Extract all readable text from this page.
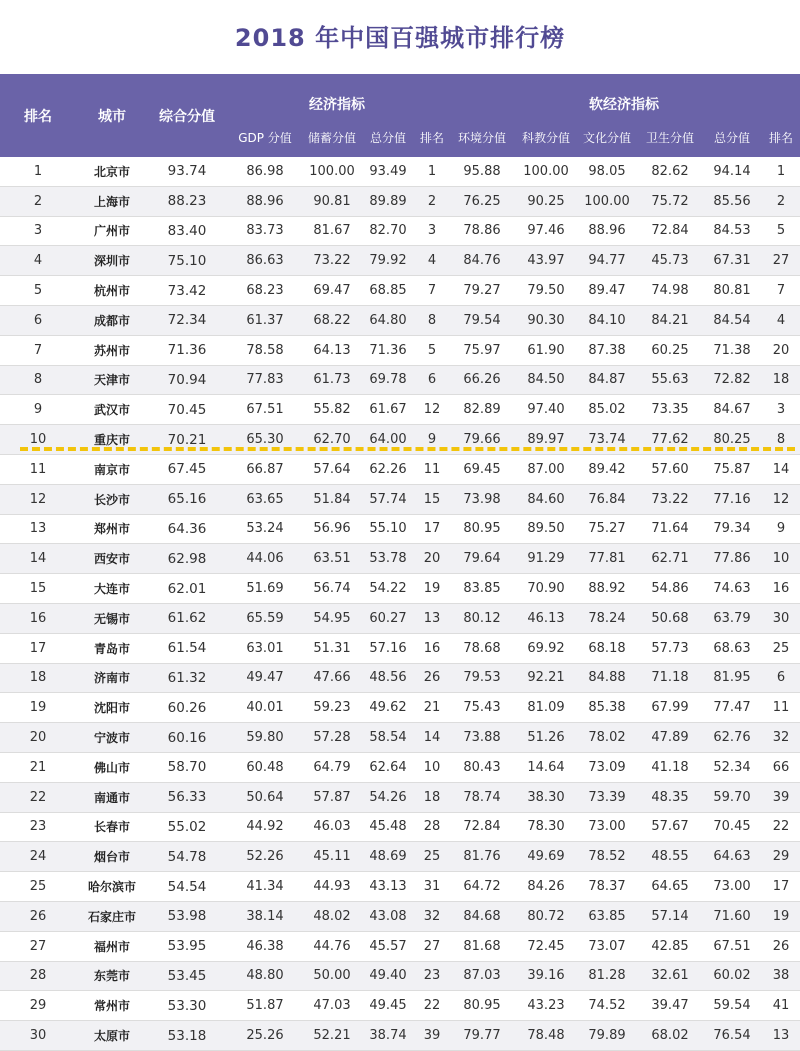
2018 年中国百强城市排行榜
排名	城市	综合分值	经济指标				软经济指标					
			GDP 分值	储蓄分值	总分值	排名	环境分值	科教分值	文化分值	卫生分值	总分值	排名
1	北京市	93.74	86.98	100.00	93.49	1	95.88	100.00	98.05	82.62	94.14	1
2	上海市	88.23	88.96	90.81	89.89	2	76.25	90.25	100.00	75.72	85.56	2
3	广州市	83.40	83.73	81.67	82.70	3	78.86	97.46	88.96	72.84	84.53	5
4	深圳市	75.10	86.63	73.22	79.92	4	84.76	43.97	94.77	45.73	67.31	27
5	杭州市	73.42	68.23	69.47	68.85	7	79.27	79.50	89.47	74.98	80.81	7
6	成都市	72.34	61.37	68.22	64.80	8	79.54	90.30	84.10	84.21	84.54	4
7	苏州市	71.36	78.58	64.13	71.36	5	75.97	61.90	87.38	60.25	71.38	20
8	天津市	70.94	77.83	61.73	69.78	6	66.26	84.50	84.87	55.63	72.82	18
9	武汉市	70.45	67.51	55.82	61.67	12	82.89	97.40	85.02	73.35	84.67	3
10	重庆市	70.21	65.30	62.70	64.00	9	79.66	89.97	73.74	77.62	80.25	8
11	南京市	67.45	66.87	57.64	62.26	11	69.45	87.00	89.42	57.60	75.87	14
12	长沙市	65.16	63.65	51.84	57.74	15	73.98	84.60	76.84	73.22	77.16	12
13	郑州市	64.36	53.24	56.96	55.10	17	80.95	89.50	75.27	71.64	79.34	9
14	西安市	62.98	44.06	63.51	53.78	20	79.64	91.29	77.81	62.71	77.86	10
15	大连市	62.01	51.69	56.74	54.22	19	83.85	70.90	88.92	54.86	74.63	16
16	无锡市	61.62	65.59	54.95	60.27	13	80.12	46.13	78.24	50.68	63.79	30
17	青岛市	61.54	63.01	51.31	57.16	16	78.68	69.92	68.18	57.73	68.63	25
18	济南市	61.32	49.47	47.66	48.56	26	79.53	92.21	84.88	71.18	81.95	6
19	沈阳市	60.26	40.01	59.23	49.62	21	75.43	81.09	85.38	67.99	77.47	11
20	宁波市	60.16	59.80	57.28	58.54	14	73.88	51.26	78.02	47.89	62.76	32
21	佛山市	58.70	60.48	64.79	62.64	10	80.43	14.64	73.09	41.18	52.34	66
22	南通市	56.33	50.64	57.87	54.26	18	78.74	38.30	73.39	48.35	59.70	39
23	长春市	55.02	44.92	46.03	45.48	28	72.84	78.30	73.00	57.67	70.45	22
24	烟台市	54.78	52.26	45.11	48.69	25	81.76	49.69	78.52	48.55	64.63	29
25	哈尔滨市	54.54	41.34	44.93	43.13	31	64.72	84.26	78.37	64.65	73.00	17
26	石家庄市	53.98	38.14	48.02	43.08	32	84.68	80.72	63.85	57.14	71.60	19
27	福州市	53.95	46.38	44.76	45.57	27	81.68	72.45	73.07	42.85	67.51	26
28	东莞市	53.45	48.80	50.00	49.40	23	87.03	39.16	81.28	32.61	60.02	38
29	常州市	53.30	51.87	47.03	49.45	22	80.95	43.23	74.52	39.47	59.54	41
30	太原市	53.18	25.26	52.21	38.74	39	79.77	78.48	79.89	68.02	76.54	13
